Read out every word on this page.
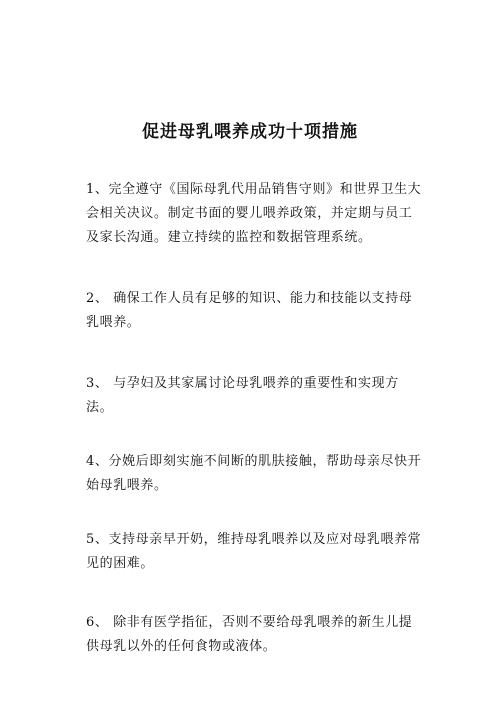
促进母乳喂养成功十项措施

1、完全遵守《国际母乳代用品销售守则》和世界卫生大会相关决议。制定书面的婴儿喂养政策，并定期与员工及家长沟通。建立持续的监控和数据管理系统。

2、 确保工作人员有足够的知识、能力和技能以支持母乳喂养。

3、 与孕妇及其家属讨论母乳喂养的重要性和实现方法。

4、分娩后即刻实施不间断的肌肤接触，帮助母亲尽快开始母乳喂养。

5、支持母亲早开奶，维持母乳喂养以及应对母乳喂养常见的困难。

6、 除非有医学指征，否则不要给母乳喂养的新生儿提供母乳以外的任何食物或液体。
